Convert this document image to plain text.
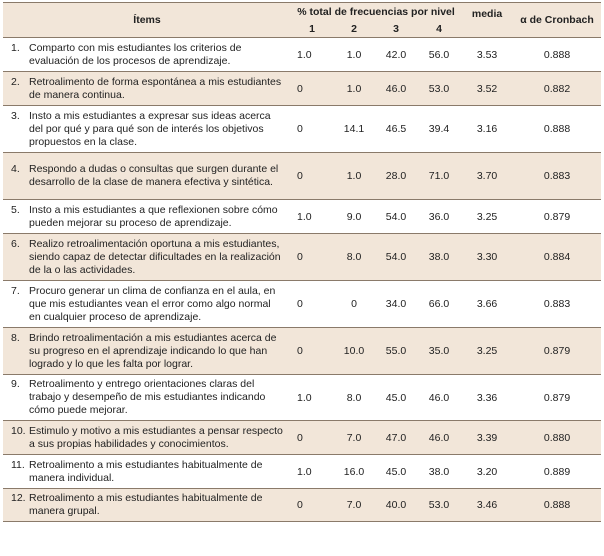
Ítems	% total de frecuencias por nivel				media	α de Cronbach
	1	2	3	4		

1. Comparto con mis estudiantes los criterios de evaluación de los procesos de aprendizaje.	1.0	1.0	42.0	56.0	3.53	0.888

2. Retroalimento de forma espontánea a mis estudiantes de manera continua.	0	1.0	46.0	53.0	3.52	0.882

3. Insto a mis estudiantes a expresar sus ideas acerca del por qué y para qué son de interés los objetivos propuestos en la clase.	0	14.1	46.5	39.4	3.16	0.888

4. Respondo a dudas o consultas que surgen durante el desarrollo de la clase de manera efectiva y sintética.	0	1.0	28.0	71.0	3.70	0.883

5. Insto a mis estudiantes a que reflexionen sobre cómo pueden mejorar su proceso de aprendizaje.	1.0	9.0	54.0	36.0	3.25	0.879

6. Realizo retroalimentación oportuna a mis estudiantes, siendo capaz de detectar dificultades en la realización de la o las actividades.	0	8.0	54.0	38.0	3.30	0.884

7. Procuro generar un clima de confianza en el aula, en que mis estudiantes vean el error como algo normal en cualquier proceso de aprendizaje.	0	0	34.0	66.0	3.66	0.883

8. Brindo retroalimentación a mis estudiantes acerca de su progreso en el aprendizaje indicando lo que han logrado y lo que les falta por lograr.	0	10.0	55.0	35.0	3.25	0.879

9. Retroalimento y entrego orientaciones claras del trabajo y desempeño de mis estudiantes indicando cómo puede mejorar.	1.0	8.0	45.0	46.0	3.36	0.879

10. Estimulo y motivo a mis estudiantes a pensar respecto a sus propias habilidades y conocimientos.	0	7.0	47.0	46.0	3.39	0.880

11. Retroalimento a mis estudiantes habitualmente de manera individual.	1.0	16.0	45.0	38.0	3.20	0.889

12. Retroalimento a mis estudiantes habitualmente de manera grupal.	0	7.0	40.0	53.0	3.46	0.888
